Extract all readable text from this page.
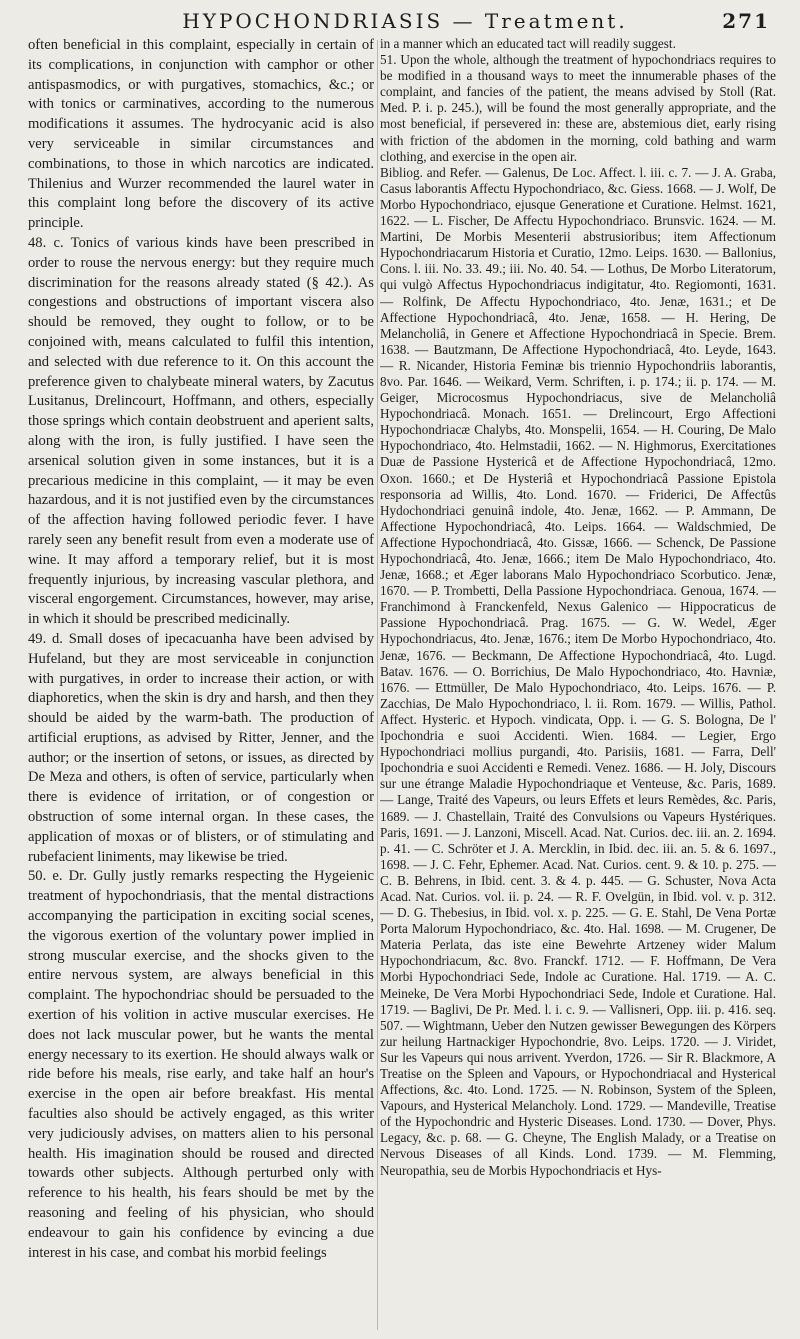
HYPOCHONDRIASIS — Treatment.	271

often beneficial in this complaint, especially in certain of its complications, in conjunction with camphor or other antispasmodics, or with purgatives, stomachics, &c.; or with tonics or carminatives, according to the numerous modifications it assumes. The hydrocyanic acid is also very serviceable in similar circumstances and combinations, to those in which narcotics are indicated. Thilenius and Wurzer recommended the laurel water in this complaint long before the discovery of its active principle.

48. c. Tonics of various kinds have been prescribed in order to rouse the nervous energy: but they require much discrimination for the reasons already stated (§ 42.). As congestions and obstructions of important viscera also should be removed, they ought to follow, or to be conjoined with, means calculated to fulfil this intention, and selected with due reference to it. On this account the preference given to chalybeate mineral waters, by Zacutus Lusitanus, Drelincourt, Hoffmann, and others, especially those springs which contain deobstruent and aperient salts, along with the iron, is fully justified. I have seen the arsenical solution given in some instances, but it is a precarious medicine in this complaint, — it may be even hazardous, and it is not justified even by the circumstances of the affection having followed periodic fever. I have rarely seen any benefit result from even a moderate use of wine. It may afford a temporary relief, but it is most frequently injurious, by increasing vascular plethora, and visceral engorgement. Circumstances, however, may arise, in which it should be prescribed medicinally.

49. d. Small doses of ipecacuanha have been advised by Hufeland, but they are most serviceable in conjunction with purgatives, in order to increase their action, or with diaphoretics, when the skin is dry and harsh, and then they should be aided by the warm-bath. The production of artificial eruptions, as advised by Ritter, Jenner, and the author; or the insertion of setons, or issues, as directed by De Meza and others, is often of service, particularly when there is evidence of irritation, or of congestion or obstruction of some internal organ. In these cases, the application of moxas or of blisters, or of stimulating and rubefacient liniments, may likewise be tried.

50. e. Dr. Gully justly remarks respecting the Hygeienic treatment of hypochondriasis, that the mental distractions accompanying the participation in exciting social scenes, the vigorous exertion of the voluntary power implied in strong muscular exercise, and the shocks given to the entire nervous system, are always beneficial in this complaint. The hypochondriac should be persuaded to the exertion of his volition in active muscular exercises. He does not lack muscular power, but he wants the mental energy necessary to its exertion. He should always walk or ride before his meals, rise early, and take half an hour's exercise in the open air before breakfast. His mental faculties also should be actively engaged, as this writer very judiciously advises, on matters alien to his personal health. His imagination should be roused and directed towards other subjects. Although perturbed only with reference to his health, his fears should be met by the reasoning and feeling of his physician, who should endeavour to gain his confidence by evincing a due interest in his case, and combat his morbid feelings

in a manner which an educated tact will readily suggest.

51. Upon the whole, although the treatment of hypochondriacs requires to be modified in a thousand ways to meet the innumerable phases of the complaint, and fancies of the patient, the means advised by Stoll (Rat. Med. P. i. p. 245.), will be found the most generally appropriate, and the most beneficial, if persevered in: these are, abstemious diet, early rising with friction of the abdomen in the morning, cold bathing and warm clothing, and exercise in the open air.

Bibliog. and Refer. — Galenus, De Loc. Affect. l. iii. c. 7. — J. A. Graba, Casus laborantis Affectu Hypochondriaco, &c. Giess. 1668. — J. Wolf, De Morbo Hypochondriaco, ejusque Generatione et Curatione. Helmst. 1621, 1622. — L. Fischer, De Affectu Hypochondriaco. Brunsvic. 1624. — M. Martini, De Morbis Mesenterii abstrusioribus; item Affectionum Hypochondriacarum Historia et Curatio, 12mo. Leips. 1630. — Ballonius, Cons. l. iii. No. 33. 49.; iii. No. 40. 54. — Lothus, De Morbo Literatorum, qui vulgò Affectus Hypochondriacus indigitatur, 4to. Regiomonti, 1631. — Rolfink, De Affectu Hypochondriaco, 4to. Jenæ, 1631.; et De Affectione Hypochondriacâ, 4to. Jenæ, 1658. — H. Hering, De Melancholiâ, in Genere et Affectione Hypochondriacâ in Specie. Brem. 1638. — Bautzmann, De Affectione Hypochondriacâ, 4to. Leyde, 1643. — R. Nicander, Historia Feminæ bis triennio Hypochondriis laborantis, 8vo. Par. 1646. — Weikard, Verm. Schriften, i. p. 174.; ii. p. 174. — M. Geiger, Microcosmus Hypochondriacus, sive de Melancholiâ Hypochondriacâ. Monach. 1651. — Drelincourt, Ergo Affectioni Hypochondriacæ Chalybs, 4to. Monspelii, 1654. — H. Couring, De Malo Hypochondriaco, 4to. Helmstadii, 1662. — N. Highmorus, Exercitationes Duæ de Passione Hystericâ et de Affectione Hypochondriacâ, 12mo. Oxon. 1660.; et De Hysteriâ et Hypochondriacâ Passione Epistola responsoria ad Willis, 4to. Lond. 1670. — Friderici, De Affectûs Hydochondriaci genuinâ indole, 4to. Jenæ, 1662. — P. Ammann, De Affectione Hypochondriacâ, 4to. Leips. 1664. — Waldschmied, De Affectione Hypochondriacâ, 4to. Gissæ, 1666. — Schenck, De Passione Hypochondriacâ, 4to. Jenæ, 1666.; item De Malo Hypochondriaco, 4to. Jenæ, 1668.; et Æger laborans Malo Hypochondriaco Scorbutico. Jenæ, 1670. — P. Trombetti, Della Passione Hypochondriaca. Genoua, 1674. — Franchimond à Franckenfeld, Nexus Galenico — Hippocraticus de Passione Hypochondriacâ. Prag. 1675. — G. W. Wedel, Æger Hypochondriacus, 4to. Jenæ, 1676.; item De Morbo Hypochondriaco, 4to. Jenæ, 1676. — Beckmann, De Affectione Hypochondriacâ, 4to. Lugd. Batav. 1676. — O. Borrichius, De Malo Hypochondriaco, 4to. Havniæ, 1676. — Ettmüller, De Malo Hypochondriaco, 4to. Leips. 1676. — P. Zacchias, De Malo Hypochondriaco, l. ii. Rom. 1679. — Willis, Pathol. Affect. Hysteric. et Hypoch. vindicata, Opp. i. — G. S. Bologna, De l' Ipochondria e suoi Accidenti. Wien. 1684. — Legier, Ergo Hypochondriaci mollius purgandi, 4to. Parisiis, 1681. — Farra, Dell' Ipochondria e suoi Accidenti e Remedi. Venez. 1686. — H. Joly, Discours sur une étrange Maladie Hypochondriaque et Venteuse, &c. Paris, 1689. — Lange, Traité des Vapeurs, ou leurs Effets et leurs Remèdes, &c. Paris, 1689. — J. Chastellain, Traité des Convulsions ou Vapeurs Hystériques. Paris, 1691. — J. Lanzoni, Miscell. Acad. Nat. Curios. dec. iii. an. 2. 1694. p. 41. — C. Schröter et J. A. Mercklin, in Ibid. dec. iii. an. 5. & 6. 1697., 1698. — J. C. Fehr, Ephemer. Acad. Nat. Curios. cent. 9. & 10. p. 275. — C. B. Behrens, in Ibid. cent. 3. & 4. p. 445. — G. Schuster, Nova Acta Acad. Nat. Curios. vol. ii. p. 24. — R. F. Ovelgün, in Ibid. vol. v. p. 312. — D. G. Thebesius, in Ibid. vol. x. p. 225. — G. E. Stahl, De Vena Portæ Porta Malorum Hypochondriaco, &c. 4to. Hal. 1698. — M. Crugener, De Materia Perlata, das iste eine Bewehrte Artzeney wider Malum Hypochondriacum, &c. 8vo. Franckf. 1712. — F. Hoffmann, De Vera Morbi Hypochondriaci Sede, Indole ac Curatione. Hal. 1719. — A. C. Meineke, De Vera Morbi Hypochondriaci Sede, Indole et Curatione. Hal. 1719. — Baglivi, De Pr. Med. l. i. c. 9. — Vallisneri, Opp. iii. p. 416. seq. 507. — Wightmann, Ueber den Nutzen gewisser Bewegungen des Körpers zur heilung Hartnackiger Hypochondrie, 8vo. Leips. 1720. — J. Viridet, Sur les Vapeurs qui nous arrivent. Yverdon, 1726. — Sir R. Blackmore, A Treatise on the Spleen and Vapours, or Hypochondriacal and Hysterical Affections, &c. 4to. Lond. 1725. — N. Robinson, System of the Spleen, Vapours, and Hysterical Melancholy. Lond. 1729. — Mandeville, Treatise of the Hypochondric and Hysteric Diseases. Lond. 1730. — Dover, Phys. Legacy, &c. p. 68. — G. Cheyne, The English Malady, or a Treatise on Nervous Diseases of all Kinds. Lond. 1739. — M. Flemming, Neuropathia, seu de Morbis Hypochondriacis et Hys-
